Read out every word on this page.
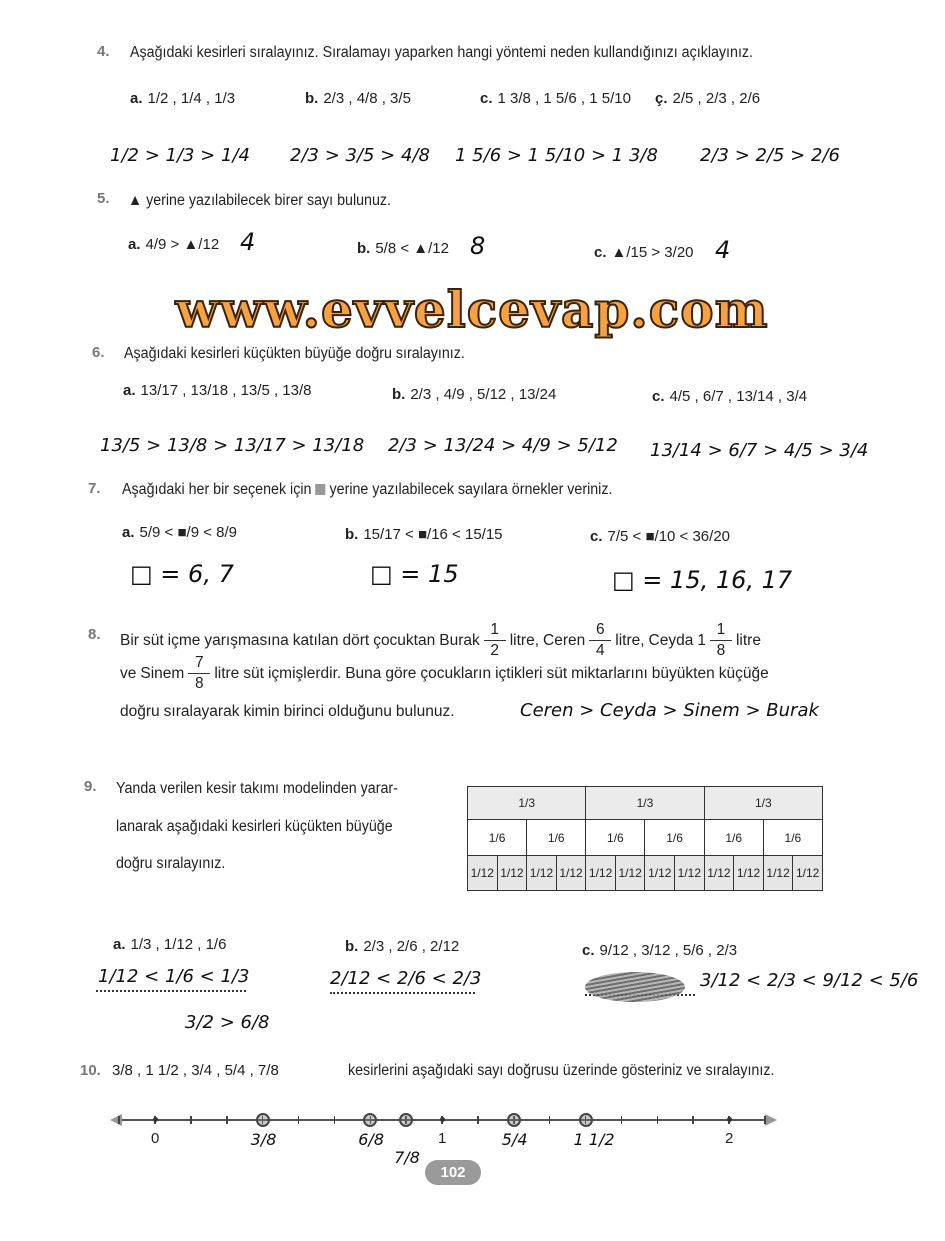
4. Aşağıdaki kesirleri sıralayınız. Sıralamayı yaparken hangi yöntemi neden kullandığınızı açıklayınız.
a. 1/2 , 1/4 , 1/3	b. 2/3 , 4/8 , 3/5	c. 1 3/8 , 1 5/6 , 1 5/10 ç. 2/5 , 2/3 , 2/6
1/2 > 1/3 > 1/4 2/3 > 3/5 > 4/8 1 5/6 > 1 5/10 > 1 3/8 2/3 > 2/5 > 2/6
5. ▲ yerine yazılabilecek birer sayı bulunuz.
a. 4/9 > ▲/12	b. 5/8 < ▲/12	c. ▲/15 > 3/20
4	8	4
www.evvelcevap.com
6. Aşağıdaki kesirleri küçükten büyüğe doğru sıralayınız.
a. 13/17 , 13/18 , 13/5 , 13/8	b. 2/3 , 4/9 , 5/12 , 13/24	c. 4/5 , 6/7 , 13/14 , 3/4
13/5 > 13/8 > 13/17 > 13/18 2/3 > 13/24 > 4/9 > 5/12 13/14 > 6/7 > 4/5 > 3/4
7. Aşağıdaki her bir seçenek için yerine yazılabilecek sayılara örnekler veriniz.
a. 5/9 < ■/9 < 8/9	b. 15/17 < ■/16 < 15/15	c. 7/5 < ■/10 < 36/20
□ = 6, 7	□ = 15	□ = 15, 16, 17
8. Bir süt içme yarışmasına katılan dört çocuktan Burak $\frac{1}{2}$ litre, Ceren $\frac{6}{4}$ litre, Ceyda $1 \frac{1}{8}$ litre
ve Sinem $\frac{7}{8}$ litre süt içmişlerdir. Buna göre çocukların içtikleri süt miktarlarını büyükten küçüğe
doğru sıralayarak kimin birinci olduğunu bulunuz.	Ceren > Ceyda > Sinem > Burak
9. Yanda verilen kesir takımı modelinden yarar-
lanarak aşağıdaki kesirleri küçükten büyüğe
doğru sıralayınız.
1/3				1/3				1/3			
1/6		1/6		1/6		1/6		1/6		1/6	
1/12	1/12	1/12	1/12	1/12	1/12	1/12	1/12	1/12	1/12	1/12	1/12
a. 1/3 , 1/12 , 1/6	b. 2/3 , 2/6 , 2/12	c. 9/12 , 3/12 , 5/6 , 2/3
1/12 < 1/6 < 1/3	2/12 < 2/6 < 2/3	3/12 < 2/3 < 9/12 < 5/6
3/2 > 6/8
10. 3/8 , 1 1/2 , 3/4 , 5/4 , 7/8	kesirlerini aşağıdaki sayı doğrusu üzerinde gösteriniz ve sıralayınız.
0	1	2
3/8	6/8
7/8
5/4	1 1/2
102
